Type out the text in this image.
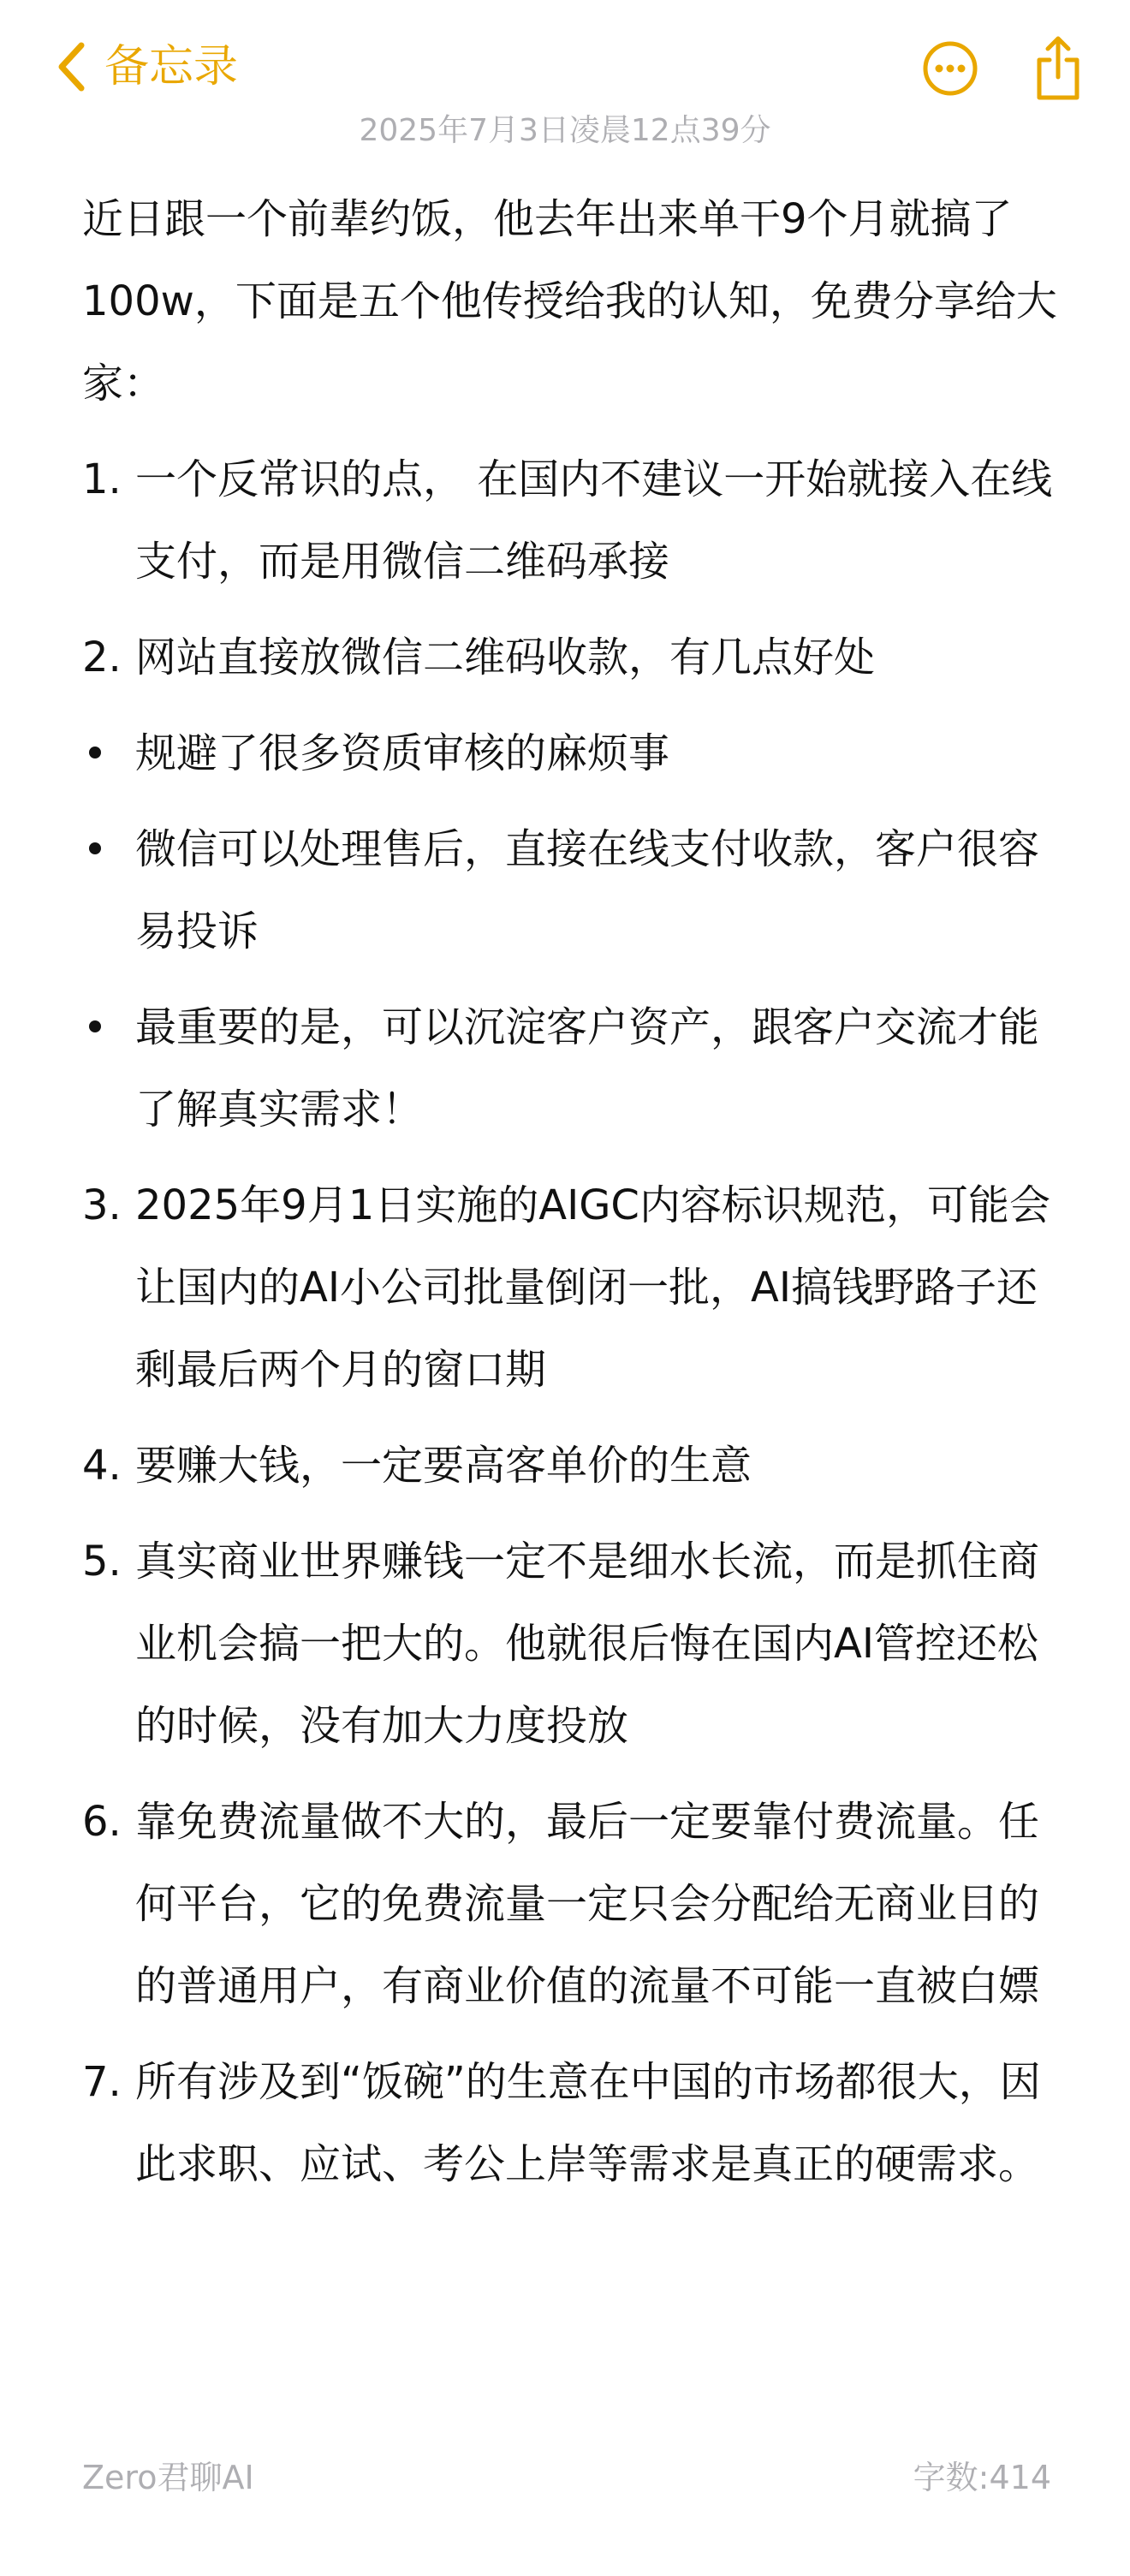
备忘录
2025年7月3日凌晨12点39分
近日跟一个前辈约饭，他去年出来单干9个月就搞了100w，下面是五个他传授给我的认知，免费分享给大家：
1. 一个反常识的点， 在国内不建议一开始就接入在线支付，而是用微信二维码承接
2. 网站直接放微信二维码收款，有几点好处
规避了很多资质审核的麻烦事
微信可以处理售后，直接在线支付收款，客户很容易投诉
最重要的是，可以沉淀客户资产，跟客户交流才能了解真实需求！
3. 2025年9月1日实施的AIGC内容标识规范，可能会让国内的AI小公司批量倒闭一批，AI搞钱野路子还剩最后两个月的窗口期
4. 要赚大钱，一定要高客单价的生意
5. 真实商业世界赚钱一定不是细水长流，而是抓住商业机会搞一把大的。他就很后悔在国内AI管控还松的时候，没有加大力度投放
6. 靠免费流量做不大的，最后一定要靠付费流量。任何平台，它的免费流量一定只会分配给无商业目的的普通用户，有商业价值的流量不可能一直被白嫖
7. 所有涉及到“饭碗”的生意在中国的市场都很大，因此求职、应试、考公上岸等需求是真正的硬需求。
Zero君聊AI	字数:414
